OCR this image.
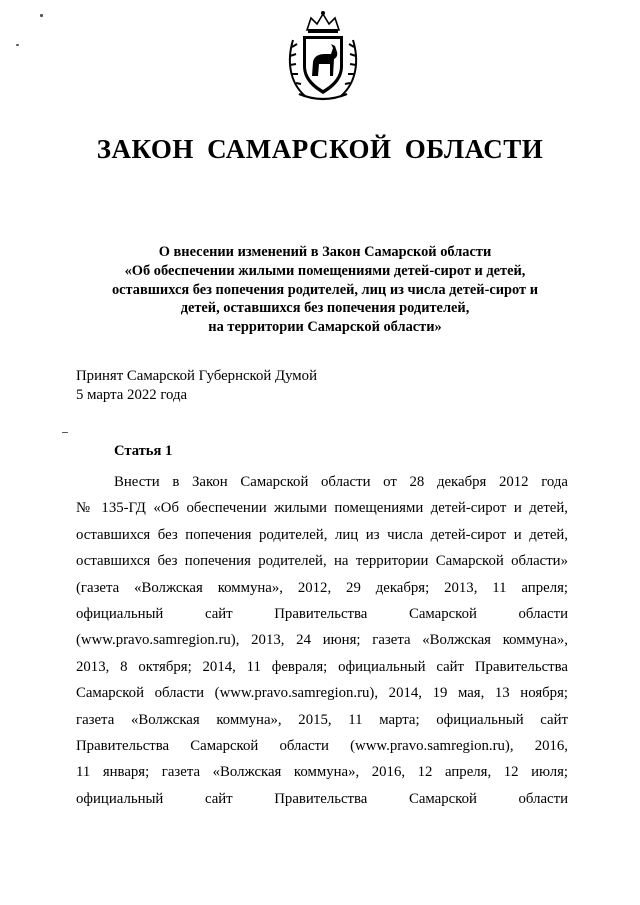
ЗАКОН САМАРСКОЙ ОБЛАСТИ
О внесении изменений в Закон Самарской области
«Об обеспечении жилыми помещениями детей-сирот и детей,
оставшихся без попечения родителей, лиц из числа детей-сирот и
детей, оставшихся без попечения родителей,
на территории Самарской области»
Принят Самарской Губернской Думой
5 марта 2022 года
Статья 1
Внести в Закон Самарской области от 28 декабря 2012 года
№ 135-ГД «Об обеспечении жилыми помещениями детей-сирот и детей,
оставшихся без попечения родителей, лиц из числа детей-сирот и детей,
оставшихся без попечения родителей, на территории Самарской области»
(газета «Волжская коммуна», 2012, 29 декабря; 2013, 11 апреля;
официальный сайт Правительства Самарской области
(www.pravo.samregion.ru), 2013, 24 июня; газета «Волжская коммуна»,
2013, 8 октября; 2014, 11 февраля; официальный сайт Правительства
Самарской области (www.pravo.samregion.ru), 2014, 19 мая, 13 ноября;
газета «Волжская коммуна», 2015, 11 марта; официальный сайт
Правительства Самарской области (www.pravo.samregion.ru), 2016,
11 января; газета «Волжская коммуна», 2016, 12 апреля, 12 июля;
официальный сайт Правительства Самарской области
